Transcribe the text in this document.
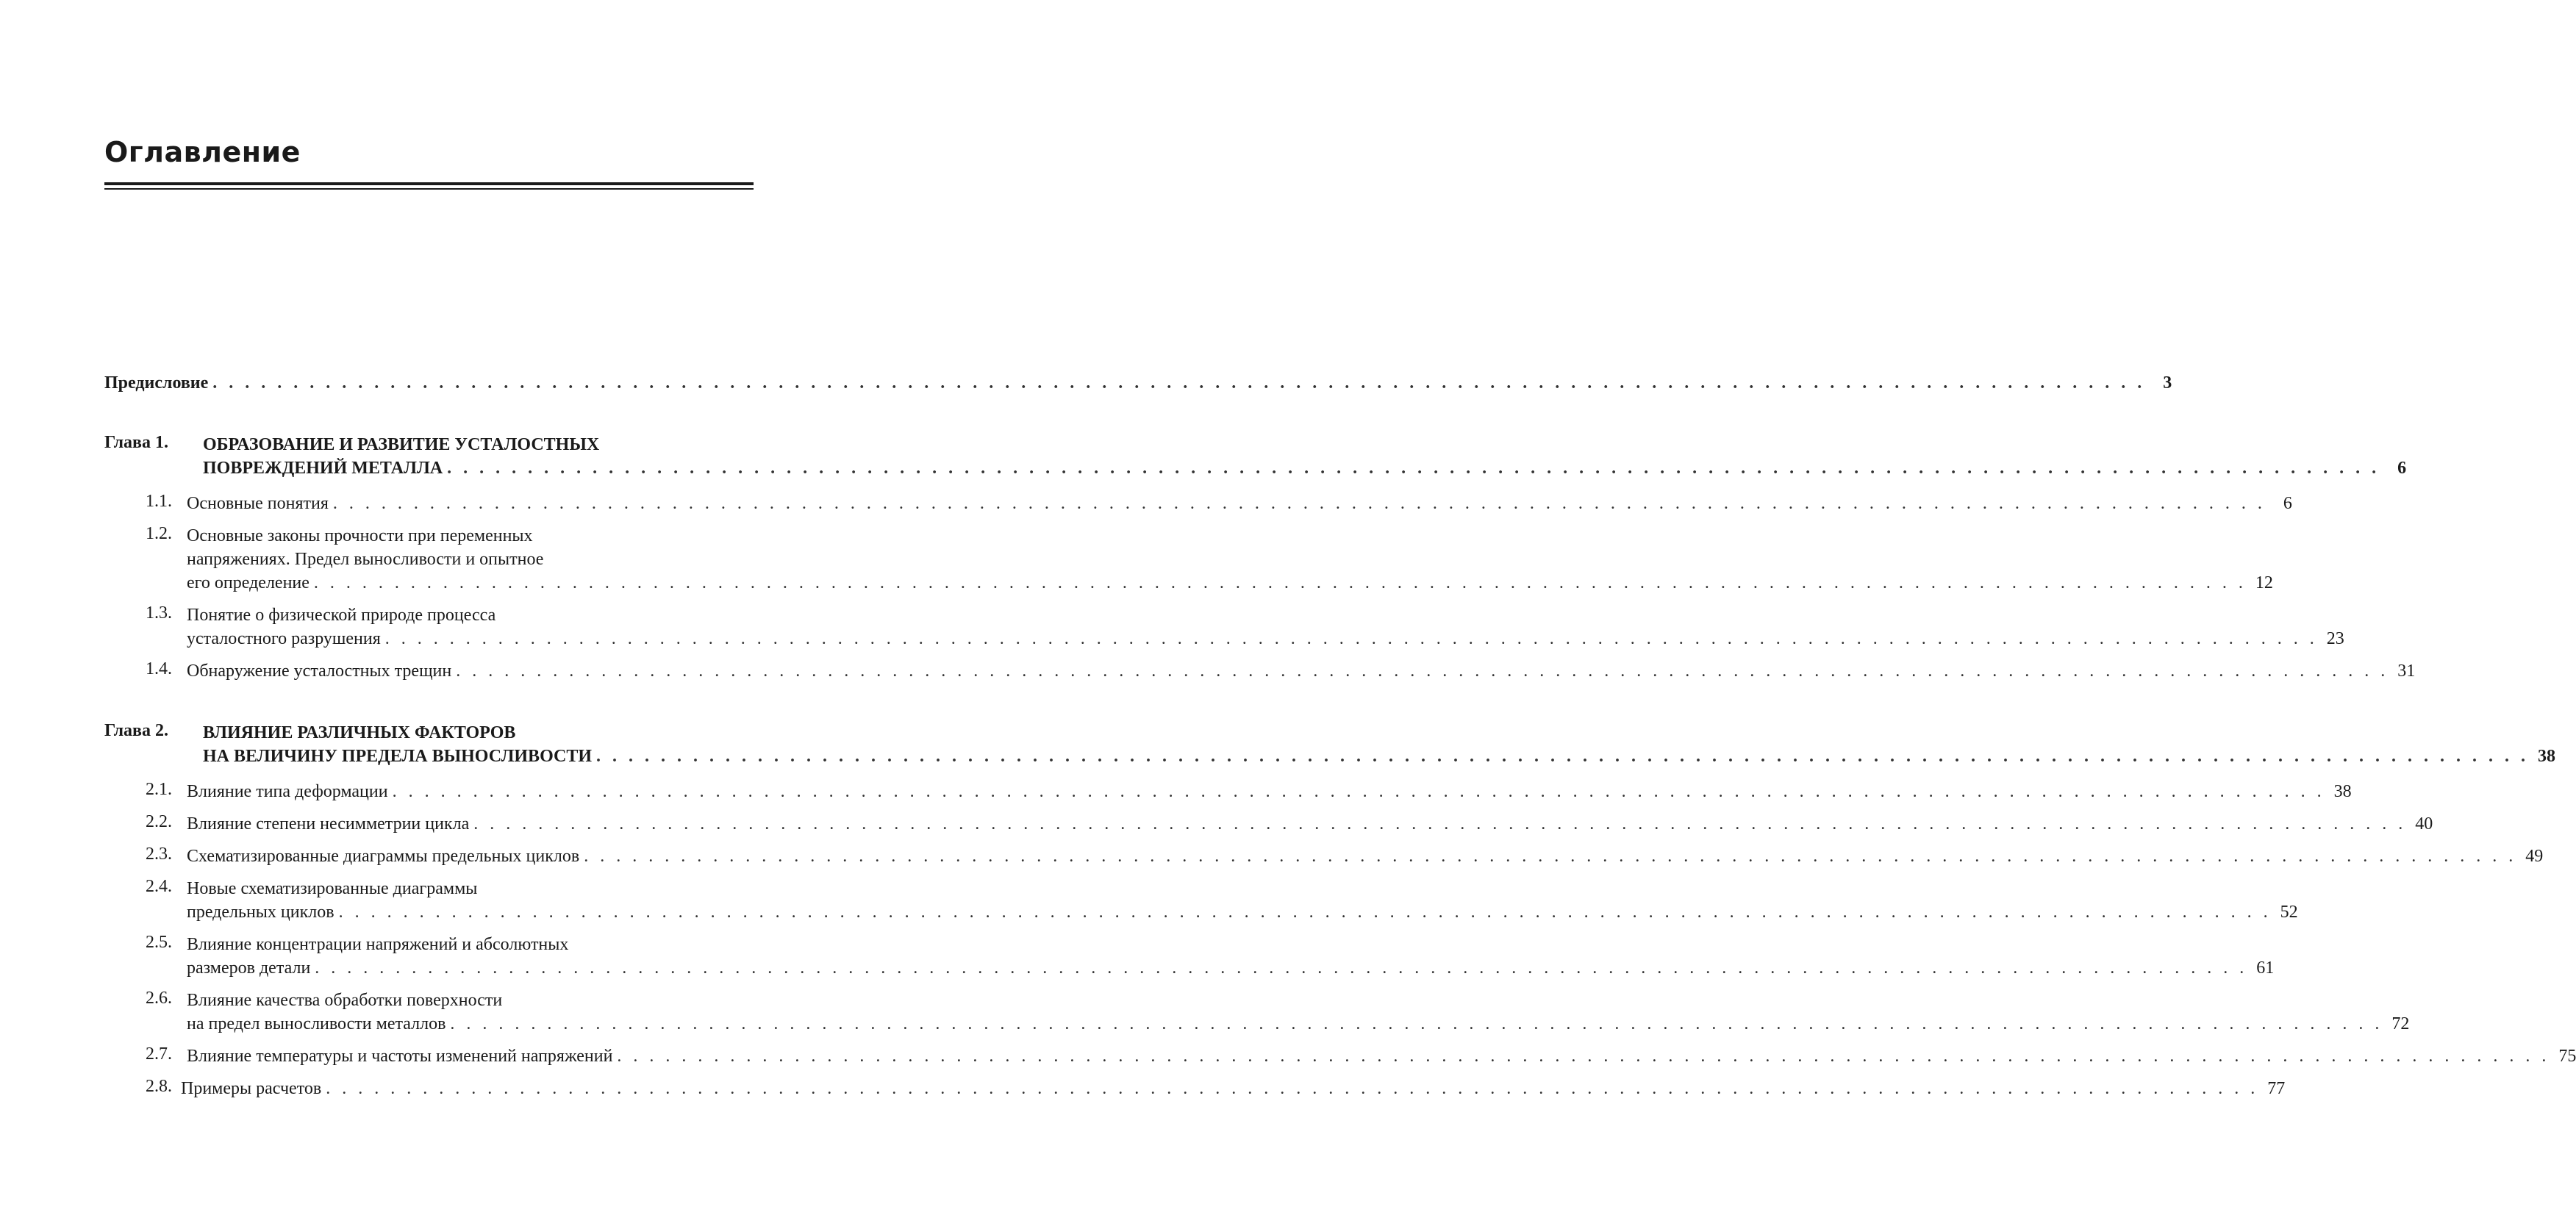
Оглавление
Предисловие . . . . . . . . . . . . . . . . . . . . . . . . . . . . . . . . . . . . . . . . . . . . . . . . . . . . . . . . . . . . . . . . . . . . . . . . . . . . . . . . . . . . . . . . . . . . . . . . . . . . . . . . . . . . . . . . . . . . . . . .	3
Глава 1. ОБРАЗОВАНИЕ И РАЗВИТИЕ УСТАЛОСТНЫХ
ПОВРЕЖДЕНИЙ МЕТАЛЛА . . . . . . . . . . . . . . . . . . . . . . . . . . . . . . . . . . . . . . . . . . . . . . . . . . . . . . . . . . . . . . . . . . . . . . . . . . . . . . . . . . . . . . . . . . . . . . . . . . . . . . . . . . . . . . . . . . . . . . . .	6
1.1. Основные понятия . . . . . . . . . . . . . . . . . . . . . . . . . . . . . . . . . . . . . . . . . . . . . . . . . . . . . . . . . . . . . . . . . . . . . . . . . . . . . . . . . . . . . . . . . . . . . . . . . . . . . . . . . . . . . . . . . . . . . . . .	6
1.2. Основные законы прочности при переменных
напряжениях. Предел выносливости и опытное
его определение . . . . . . . . . . . . . . . . . . . . . . . . . . . . . . . . . . . . . . . . . . . . . . . . . . . . . . . . . . . . . . . . . . . . . . . . . . . . . . . . . . . . . . . . . . . . . . . . . . . . . . . . . . . . . . . . . . . . . . . . 12
1.3. Понятие о физической природе процесса
усталостного разрушения . . . . . . . . . . . . . . . . . . . . . . . . . . . . . . . . . . . . . . . . . . . . . . . . . . . . . . . . . . . . . . . . . . . . . . . . . . . . . . . . . . . . . . . . . . . . . . . . . . . . . . . . . . . . . . . . . . . . . . . . 23
1.4. Обнаружение усталостных трещин . . . . . . . . . . . . . . . . . . . . . . . . . . . . . . . . . . . . . . . . . . . . . . . . . . . . . . . . . . . . . . . . . . . . . . . . . . . . . . . . . . . . . . . . . . . . . . . . . . . . . . . . . . . . . . . . . . . . . . . . 31
Глава 2. ВЛИЯНИЕ РАЗЛИЧНЫХ ФАКТОРОВ
НА ВЕЛИЧИНУ ПРЕДЕЛА ВЫНОСЛИВОСТИ . . . . . . . . . . . . . . . . . . . . . . . . . . . . . . . . . . . . . . . . . . . . . . . . . . . . . . . . . . . . . . . . . . . . . . . . . . . . . . . . . . . . . . . . . . . . . . . . . . . . . . . . . . . . . . . . . . . . . . . . 38
2.1. Влияние типа деформации . . . . . . . . . . . . . . . . . . . . . . . . . . . . . . . . . . . . . . . . . . . . . . . . . . . . . . . . . . . . . . . . . . . . . . . . . . . . . . . . . . . . . . . . . . . . . . . . . . . . . . . . . . . . . . . . . . . . . . . . 38
2.2. Влияние степени несимметрии цикла . . . . . . . . . . . . . . . . . . . . . . . . . . . . . . . . . . . . . . . . . . . . . . . . . . . . . . . . . . . . . . . . . . . . . . . . . . . . . . . . . . . . . . . . . . . . . . . . . . . . . . . . . . . . . . . . . . . . . . . . 40
2.3. Схематизированные диаграммы предельных циклов . . . . . . . . . . . . . . . . . . . . . . . . . . . . . . . . . . . . . . . . . . . . . . . . . . . . . . . . . . . . . . . . . . . . . . . . . . . . . . . . . . . . . . . . . . . . . . . . . . . . . . . . . . . . . . . . . . . . . . . . 49
2.4. Новые схематизированные диаграммы
предельных циклов . . . . . . . . . . . . . . . . . . . . . . . . . . . . . . . . . . . . . . . . . . . . . . . . . . . . . . . . . . . . . . . . . . . . . . . . . . . . . . . . . . . . . . . . . . . . . . . . . . . . . . . . . . . . . . . . . . . . . . . . 52
2.5. Влияние концентрации напряжений и абсолютных
размеров детали . . . . . . . . . . . . . . . . . . . . . . . . . . . . . . . . . . . . . . . . . . . . . . . . . . . . . . . . . . . . . . . . . . . . . . . . . . . . . . . . . . . . . . . . . . . . . . . . . . . . . . . . . . . . . . . . . . . . . . . . 61
2.6. Влияние качества обработки поверхности
на предел выносливости металлов . . . . . . . . . . . . . . . . . . . . . . . . . . . . . . . . . . . . . . . . . . . . . . . . . . . . . . . . . . . . . . . . . . . . . . . . . . . . . . . . . . . . . . . . . . . . . . . . . . . . . . . . . . . . . . . . . . . . . . . . 72
2.7. Влияние температуры и частоты изменений напряжений . . . . . . . . . . . . . . . . . . . . . . . . . . . . . . . . . . . . . . . . . . . . . . . . . . . . . . . . . . . . . . . . . . . . . . . . . . . . . . . . . . . . . . . . . . . . . . . . . . . . . . . . . . . . . . . . . . . . . . . . 75
2.8. Примеры расчетов . . . . . . . . . . . . . . . . . . . . . . . . . . . . . . . . . . . . . . . . . . . . . . . . . . . . . . . . . . . . . . . . . . . . . . . . . . . . . . . . . . . . . . . . . . . . . . . . . . . . . . . . . . . . . . . . . . . . . . . . 77
